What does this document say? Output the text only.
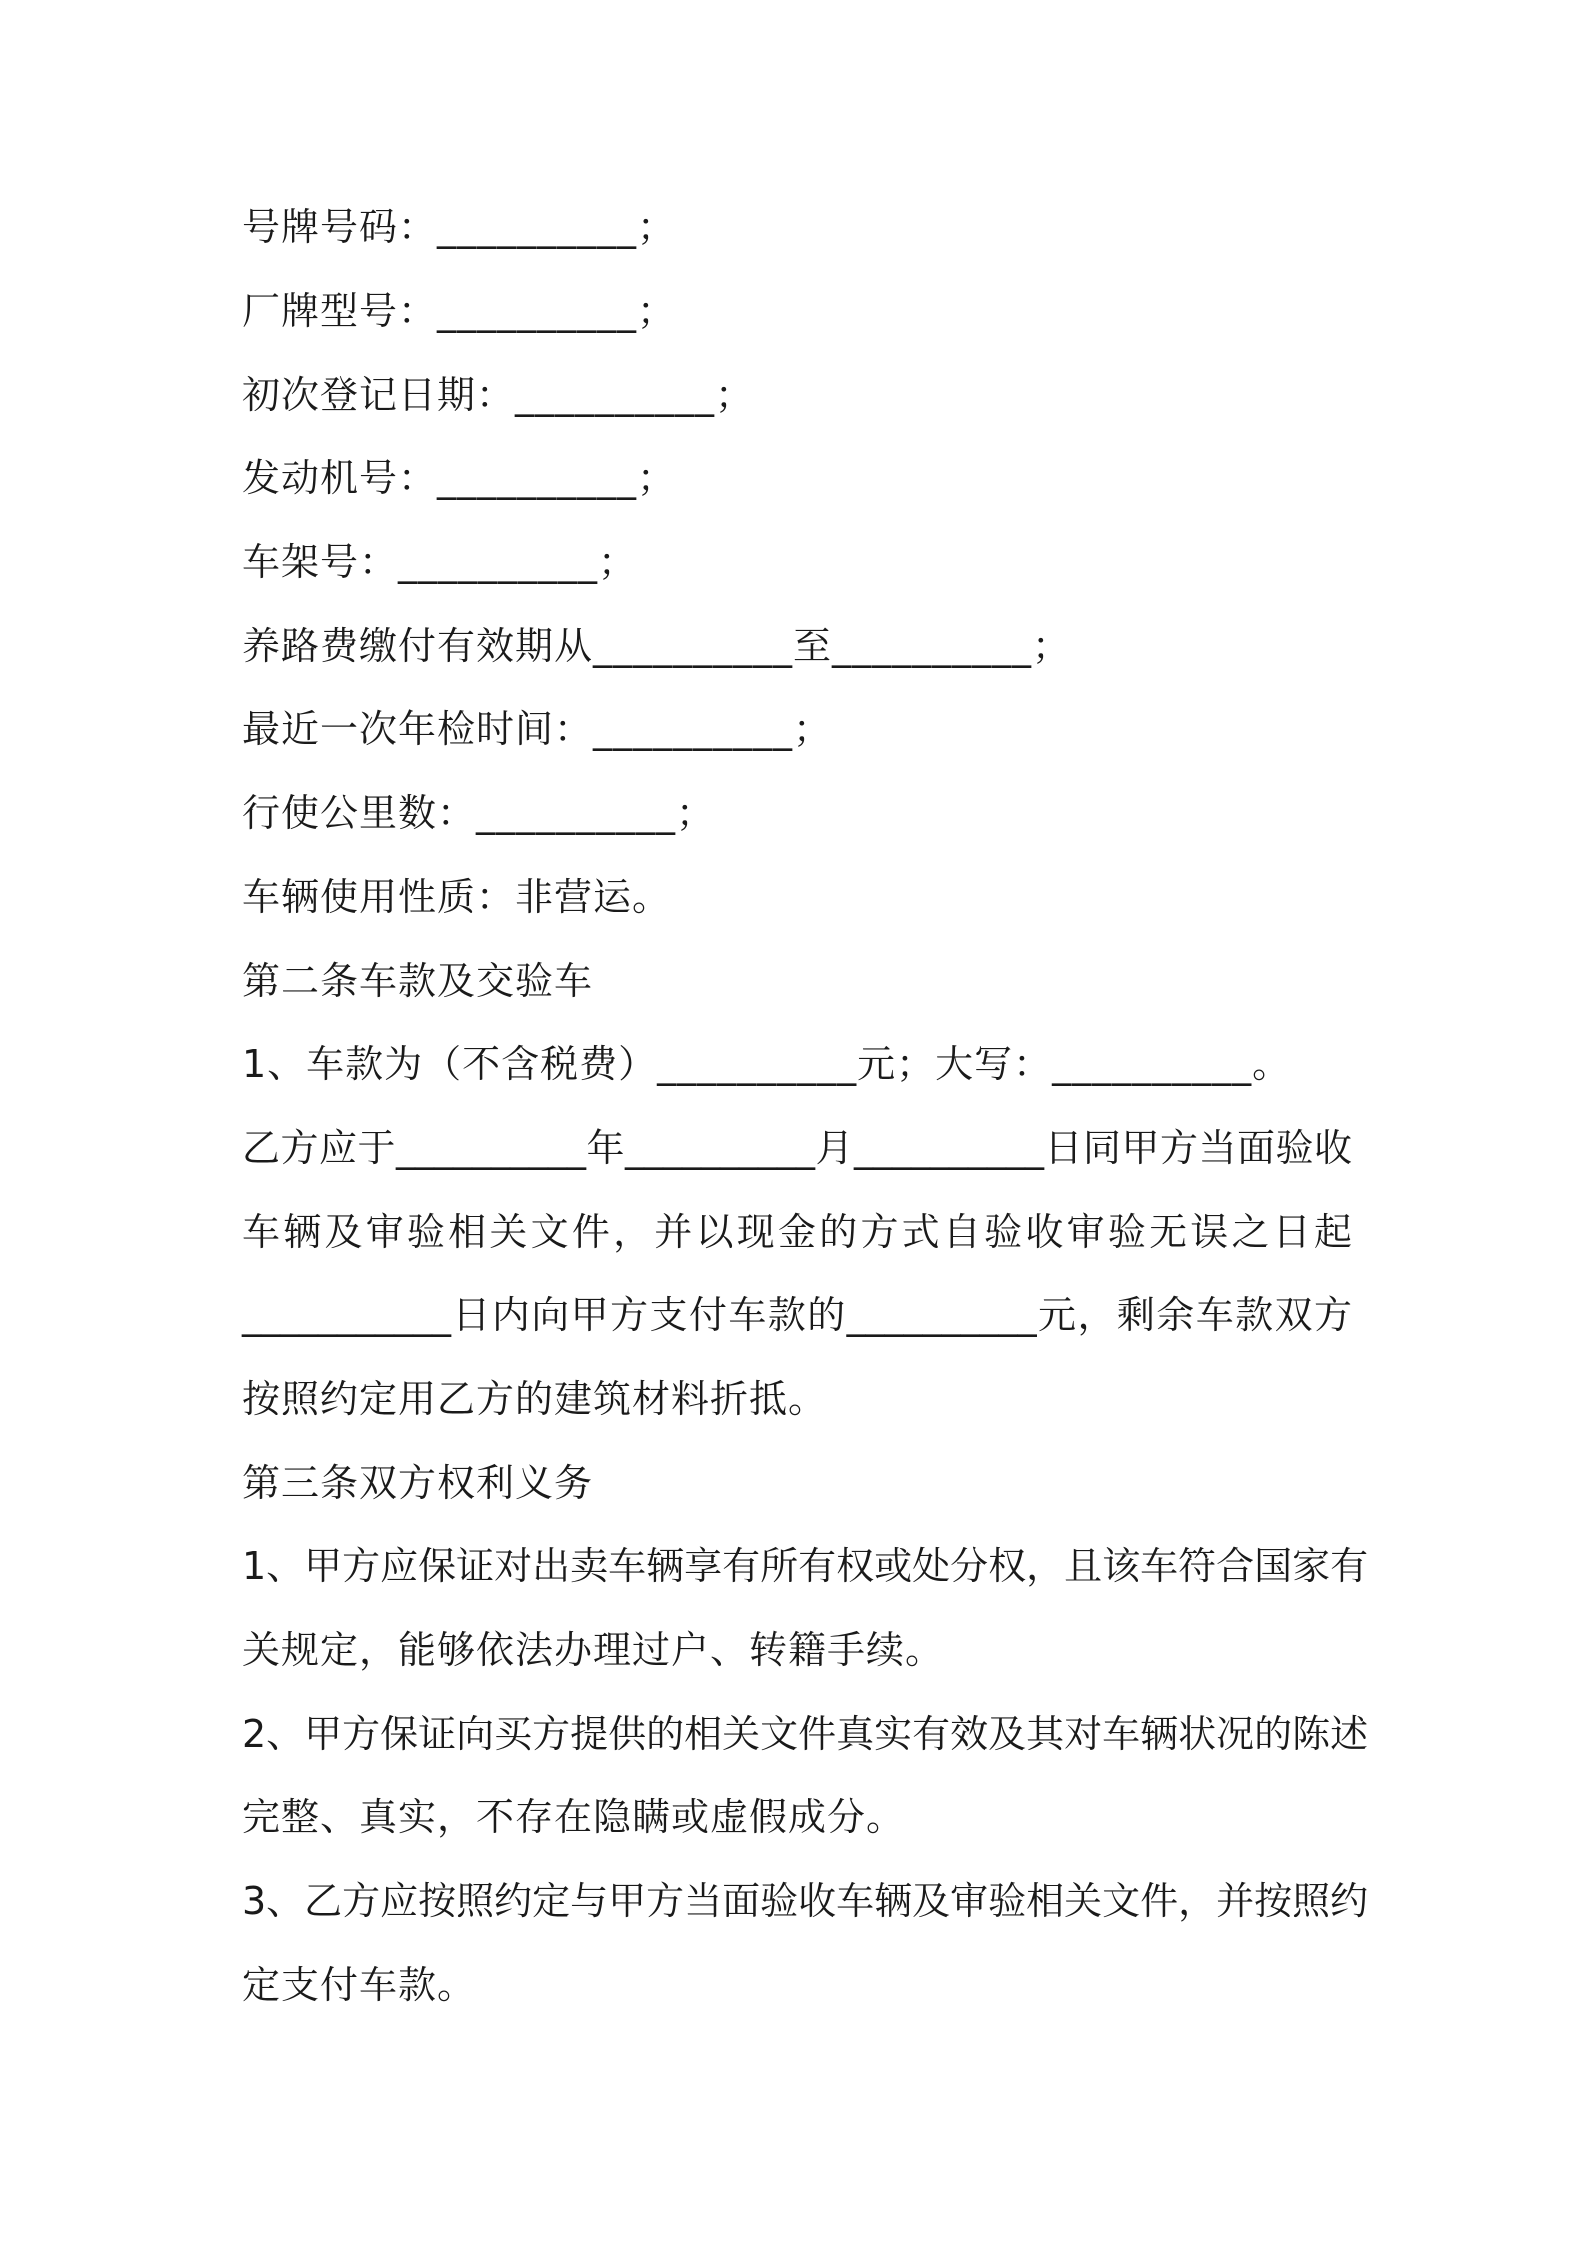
号牌号码：__________；

厂牌型号：__________；

初次登记日期：__________；

发动机号：__________；

车架号：__________；

养路费缴付有效期从__________至__________；

最近一次年检时间：__________；

行使公里数：__________；

车辆使用性质：非营运。

第二条车款及交验车

1、车款为（不含税费）__________元；大写：__________。

乙方应于__________年__________月__________日同甲方当面验收

车辆及审验相关文件，并以现金的方式自验收审验无误之日起

___________日内向甲方支付车款的__________元，剩余车款双方

按照约定用乙方的建筑材料折抵。

第三条双方权利义务

1、甲方应保证对出卖车辆享有所有权或处分权，且该车符合国家有

关规定，能够依法办理过户、转籍手续。

2、甲方保证向买方提供的相关文件真实有效及其对车辆状况的陈述

完整、真实，不存在隐瞒或虚假成分。

3、乙方应按照约定与甲方当面验收车辆及审验相关文件，并按照约

定支付车款。
